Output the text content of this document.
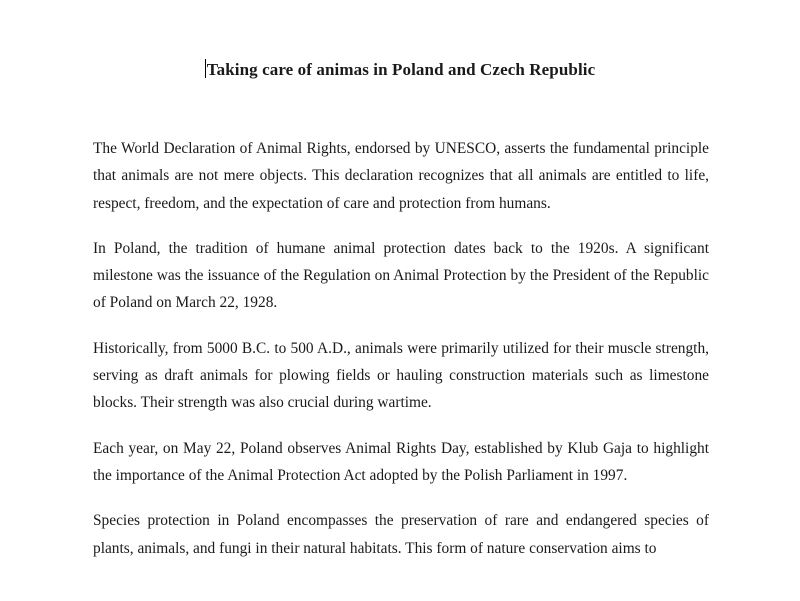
Taking care of animas in Poland and Czech Republic

The World Declaration of Animal Rights, endorsed by UNESCO, asserts the fundamental principle that animals are not mere objects. This declaration recognizes that all animals are entitled to life, respect, freedom, and the expectation of care and protection from humans.

In Poland, the tradition of humane animal protection dates back to the 1920s. A significant milestone was the issuance of the Regulation on Animal Protection by the President of the Republic of Poland on March 22, 1928.

Historically, from 5000 B.C. to 500 A.D., animals were primarily utilized for their muscle strength, serving as draft animals for plowing fields or hauling construction materials such as limestone blocks. Their strength was also crucial during wartime.

Each year, on May 22, Poland observes Animal Rights Day, established by Klub Gaja to highlight the importance of the Animal Protection Act adopted by the Polish Parliament in 1997.

Species protection in Poland encompasses the preservation of rare and endangered species of plants, animals, and fungi in their natural habitats. This form of nature conservation aims to
